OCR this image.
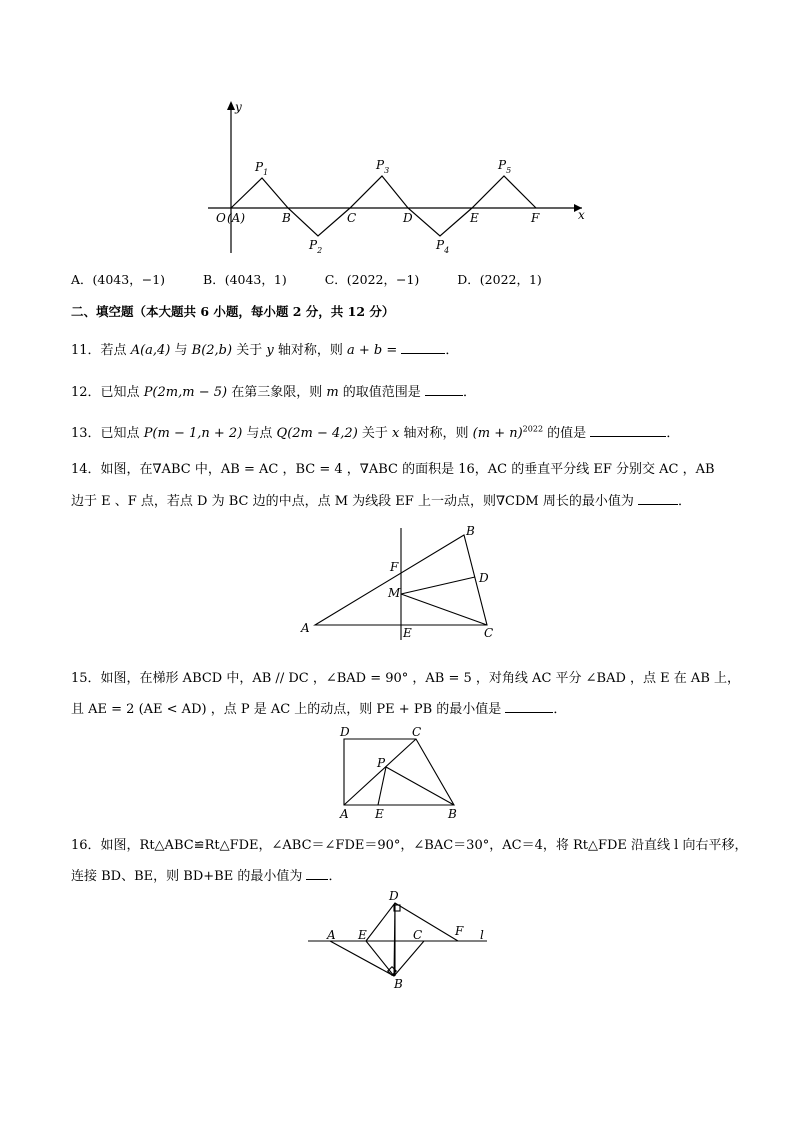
y
x
O (A)	B	C	D	E	F
$P_1$
$P_2$
$P_3$
$P_4$
$P_5$
A．(4043，−1)	B．(4043，1)	C．(2022，−1)	D．(2022，1)
二、填空题（本大题共 6 小题，每小题 2 分，共 12 分）
11．若点 A(a,4) 与 B(2,b) 关于 y 轴对称，则 a + b =	．
12．已知点 P(2m,m − 5) 在第三象限，则 m 的取值范围是	．
13．已知点 P(m − 1,n + 2) 与点 Q(2m − 4,2) 关于 x 轴对称，则 $(m + n)^{2022}$ 的值是	．
14．如图，在∇ABC 中，AB = AC ，BC = 4 ，∇ABC 的面积是 16，AC 的垂直平分线 EF 分别交 AC ，AB
边于 E 、F 点，若点 D 为 BC 边的中点，点 M 为线段 EF 上一动点，则∇CDM 周长的最小值为	．
A
B
C
D
E
F
M
15．如图，在梯形 ABCD 中，AB // DC ，∠BAD = 90° ，AB = 5 ，对角线 AC 平分 ∠BAD ，点 E 在 AB 上，
且 AE = 2 (AE < AD) ，点 P 是 AC 上的动点，则 PE + PB 的最小值是	．
D	C
P
A E	B
16．如图，Rt△ABC≌Rt△FDE，∠ABC＝∠FDE＝90°，∠BAC＝30°，AC＝4，将 Rt△FDE 沿直线 l 向右平移，
连接 BD、BE，则 BD+BE 的最小值为 ．
D
A E	C	F l
B
